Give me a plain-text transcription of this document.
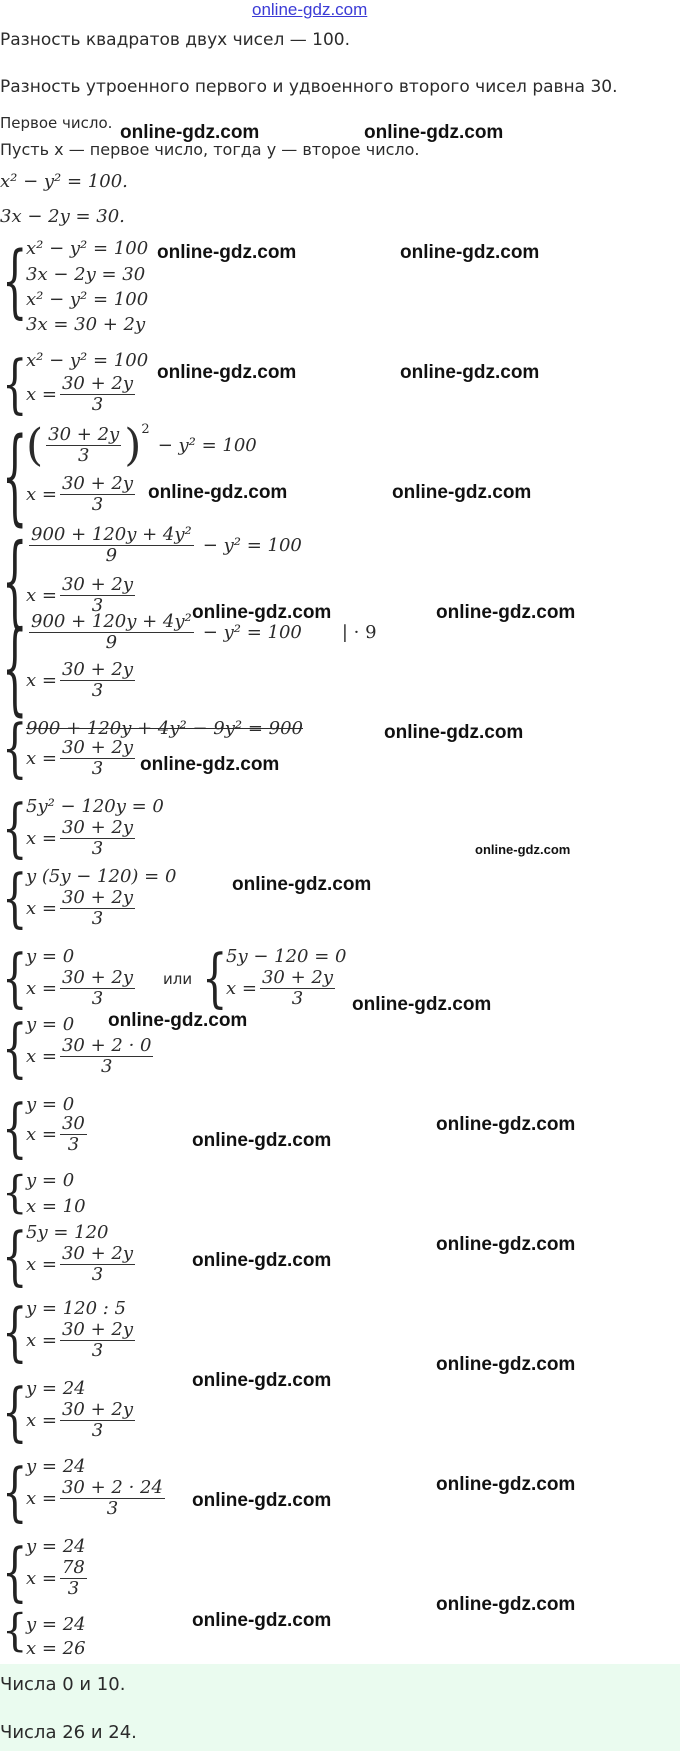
online-gdz.com
Разность квадратов двух чисел — 100.
Разность утроенного первого и удвоенного второго чисел равна 30.
Первое число.
Пусть x — первое число, тогда y — второе число.
x² − y² = 100.
3x − 2y = 30.
{
x² − y² = 100
3x − 2y = 30
x² − y² = 100
3x = 30 + 2y
{
x² − y² = 100
$x = \frac{30 + 2y}{3}$
{
( $\frac{30 + 2y}{3}$ ) 2
− y² = 100
$x = \frac{30 + 2y}{3}$
{ $\frac{\text{900 + 120y + 4y²}}{9} - y^2 = 100$
$x = \frac{30 + 2y}{3}$
{ $\frac{\text{900 + 120y + 4y²}}{9} - y^2 = 100$ | · 9
$x = \frac{30 + 2y}{3}$
{
900 + 120y + 4y² − 9y² = 900
$x = \frac{30 + 2y}{3}$
{
5y² − 120y = 0
$x = \frac{30 + 2y}{3}$
{
y (5y − 120) = 0
$x = \frac{30 + 2y}{3}$
{
y = 0
$x = \frac{30 + 2y}{3}$ или {
5y − 120 = 0
$x = \frac{30 + 2y}{3}$
{
y = 0
$x = \frac{30 + 2 \cdot 0}{3}$
{
y = 0
$x = \frac{30}{3}$
{
y = 0
x = 10
{
5y = 120
$x = \frac{30 + 2y}{3}$
{
y = 120 : 5
$x = \frac{30 + 2y}{3}$
{
y = 24
$x = \frac{30 + 2y}{3}$
{
y = 24
$x = \frac{30 + 2 \cdot 24}{3}$
{
y = 24
$x = \frac{78}{3}$
{
y = 24
x = 26
Числа 0 и 10.
Числа 26 и 24.
online-gdz.com	online-gdz.com
online-gdz.com	online-gdz.com
online-gdz.com	online-gdz.com
online-gdz.com	online-gdz.com
online-gdz.com	online-gdz.com
online-gdz.com
online-gdz.com
online-gdz.com
online-gdz.com
online-gdz.com
online-gdz.com
online-gdz.com
online-gdz.com
online-gdz.com
online-gdz.com
online-gdz.com
online-gdz.com
online-gdz.com
online-gdz.com
online-gdz.com
online-gdz.com
